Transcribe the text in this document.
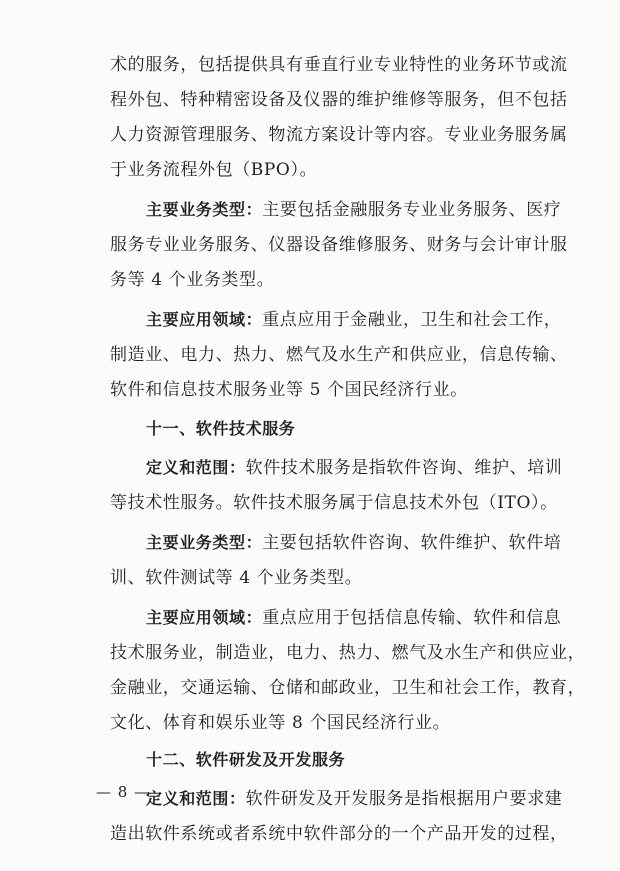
术的服务，包括提供具有垂直行业专业特性的业务环节或流
程外包、特种精密设备及仪器的维护维修等服务，但不包括
人力资源管理服务、物流方案设计等内容。专业业务服务属
于业务流程外包（BPO）。
主要业务类型：主要包括金融服务专业业务服务、医疗
服务专业业务服务、仪器设备维修服务、财务与会计审计服
务等 4 个业务类型。
主要应用领域：重点应用于金融业，卫生和社会工作，
制造业、电力、热力、燃气及水生产和供应业，信息传输、
软件和信息技术服务业等 5 个国民经济行业。
十一、软件技术服务
定义和范围：软件技术服务是指软件咨询、维护、培训
等技术性服务。软件技术服务属于信息技术外包（ITO）。
主要业务类型：主要包括软件咨询、软件维护、软件培
训、软件测试等 4 个业务类型。
主要应用领域：重点应用于包括信息传输、软件和信息
技术服务业，制造业，电力、热力、燃气及水生产和供应业，
金融业，交通运输、仓储和邮政业，卫生和社会工作，教育，
文化、体育和娱乐业等 8 个国民经济行业。
十二、软件研发及开发服务
定义和范围：软件研发及开发服务是指根据用户要求建
造出软件系统或者系统中软件部分的一个产品开发的过程，
— 8 —
